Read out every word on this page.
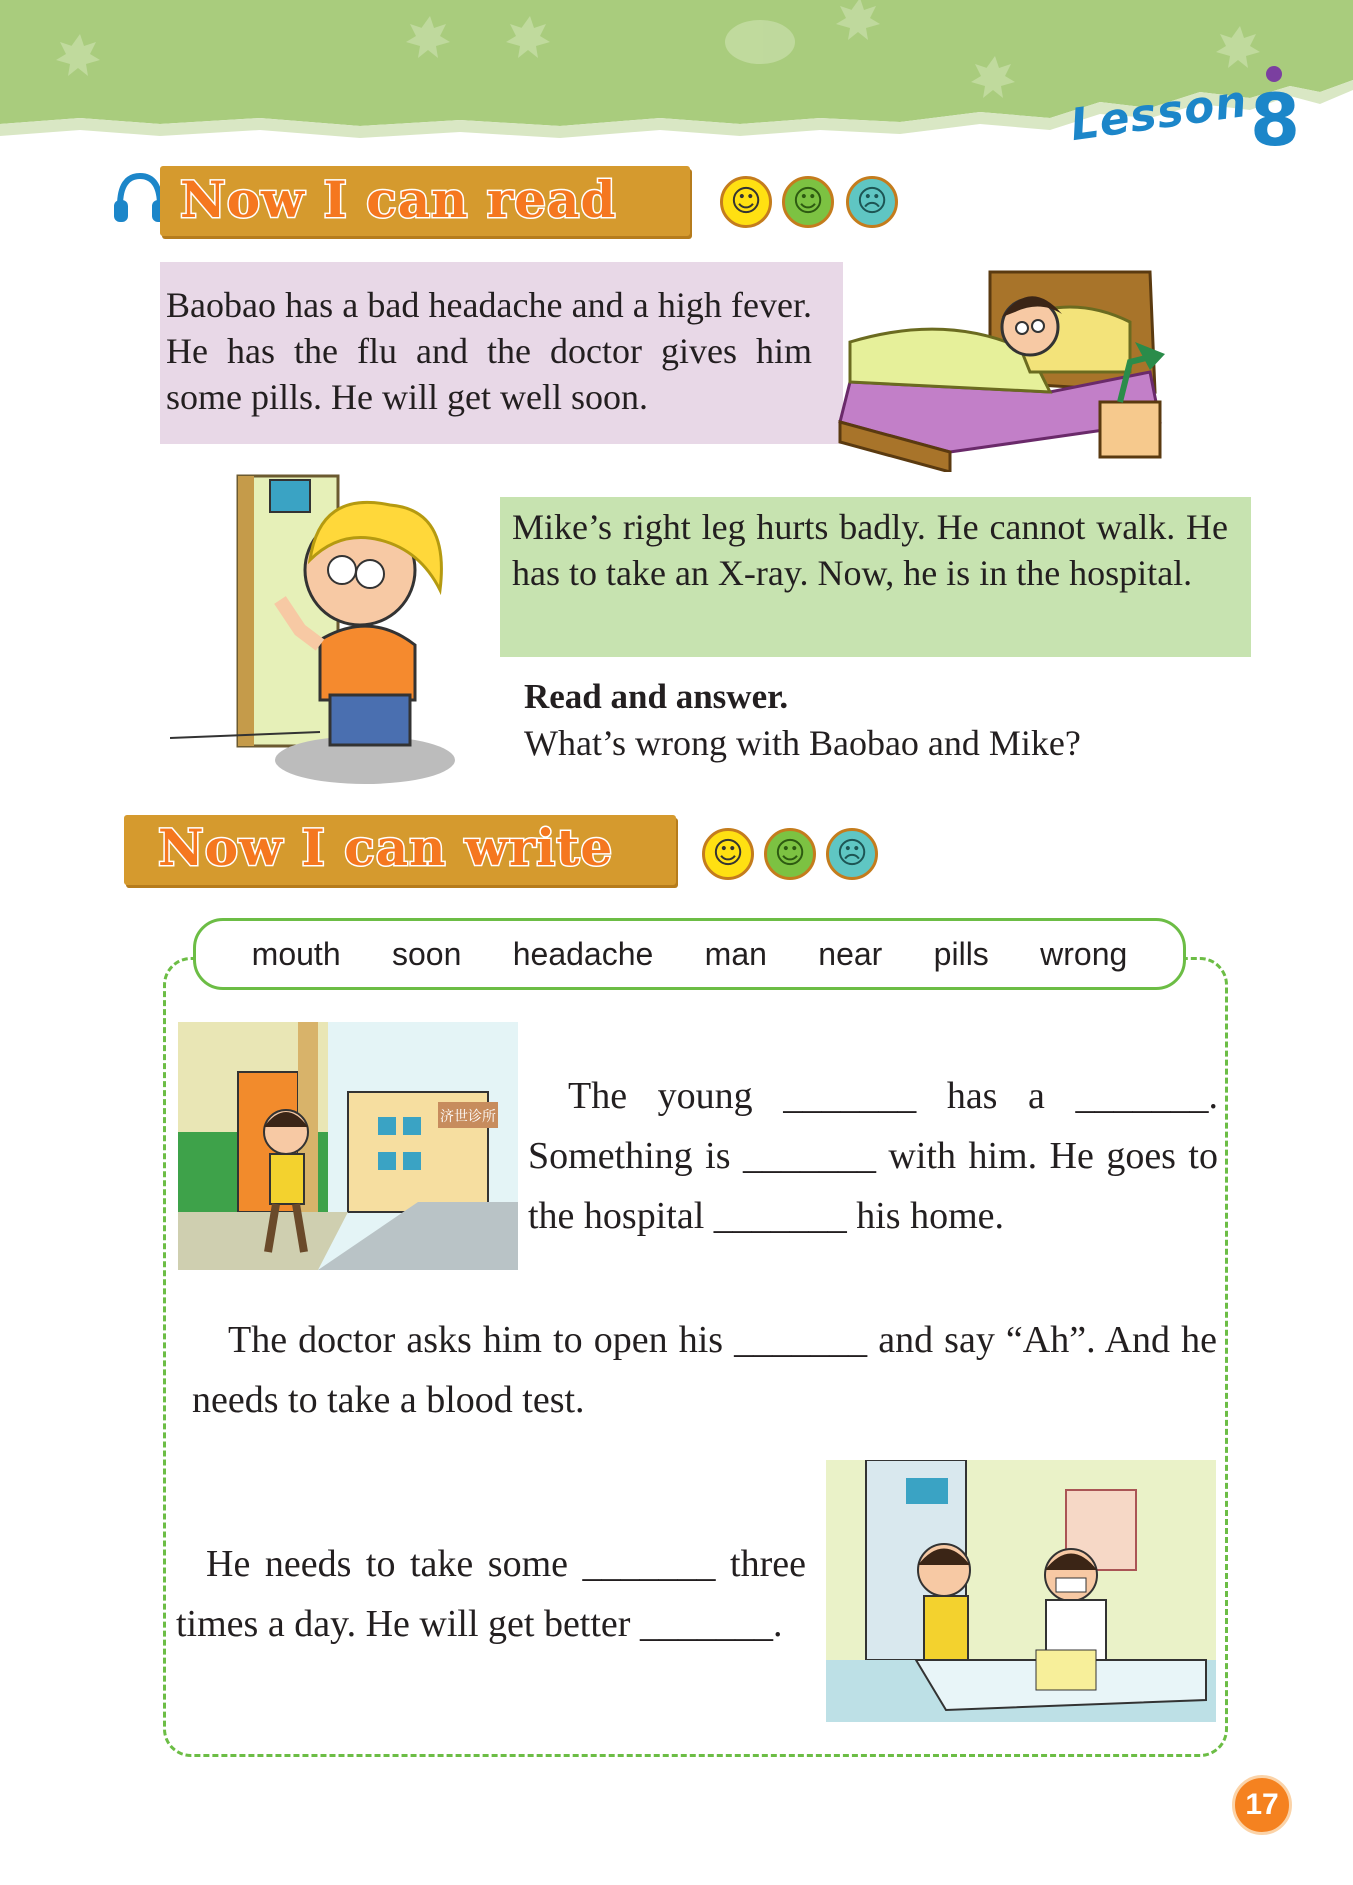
Lesson 8
Now I can read	☺	☺	☹
Baobao has a bad headache and a high fever. He has the flu and the doctor gives him some pills. He will get well soon.
Mike’s right leg hurts badly. He cannot walk. He has to take an X-ray. Now, he is in the hospital.
Read and answer.
What’s wrong with Baobao and Mike?
Now I can write	☺	☺	☹
mouth soon headache man near pills wrong
济世诊所	The young _______ has a _______. Something is _______ with him. He goes to the hospital _______ his home.
The doctor asks him to open his _______ and say “Ah”. And he needs to take a blood test.
He needs to take some _______ three times a day. He will get better _______.
17
